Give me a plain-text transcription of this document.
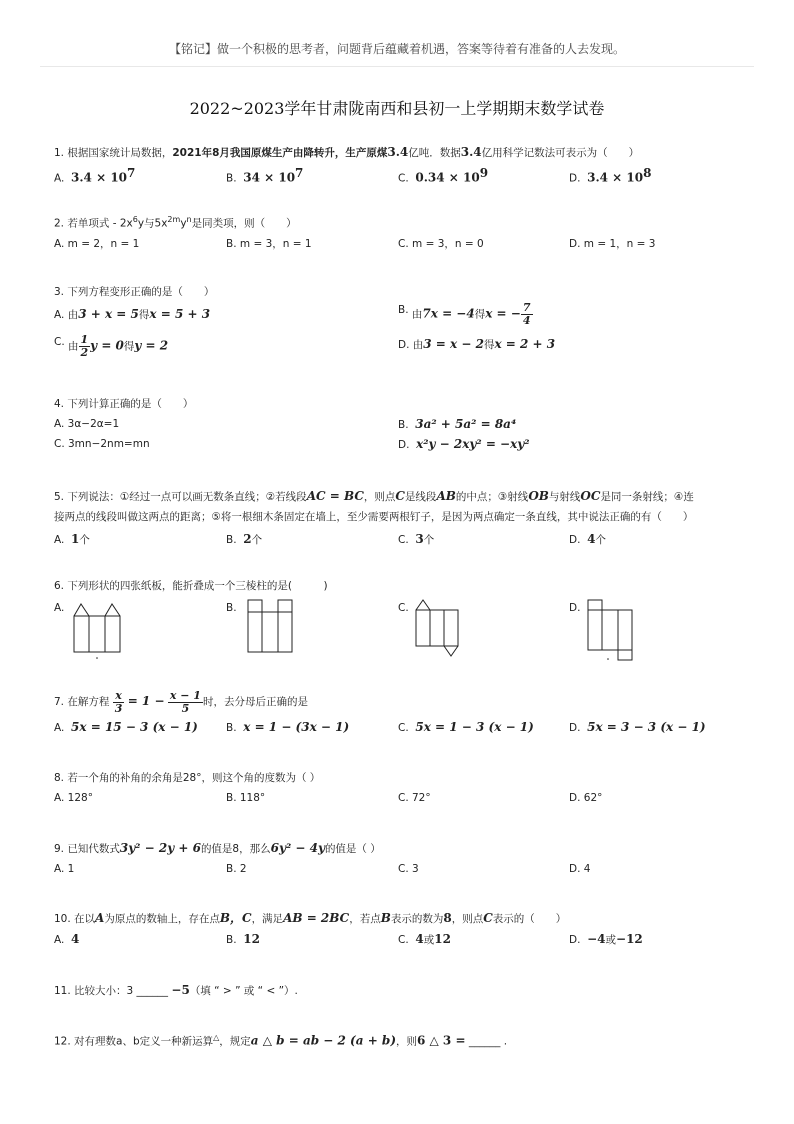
【铭记】做一个积极的思考者，问题背后蕴藏着机遇，答案等待着有准备的人去发现。
2022~2023学年甘肃陇南西和县初一上学期期末数学试卷
1. 根据国家统计局数据，2021年8月我国原煤生产由降转升，生产原煤3.4亿吨．数据3.4亿用科学记数法可表示为（　　）
A. $3.4 \times 10^7$	B. $34 \times 10^7$	C. $0.34 \times 10^9$	D. $3.4 \times 10^8$
2. 若单项式 - $2x^6y$与$5x^{2m}y^n$是同类项，则（　　）
A. m = 2，n = 1	B. m = 3，n = 1	C. m = 3，n = 0	D. m = 1，n = 3
3. 下列方程变形正确的是（　　）
A. 由3 + x = 5得x = 5 + 3	B. 由7x = −4得x = − $\frac{7}{4}$
C. 由 $\frac{1}{2}$ y = 0得y = 2	D. 由3 = x − 2得x = 2 + 3
4. 下列计算正确的是（　　）
A. 3α−2α=1	B. 3a² + 5a² = 8a⁴
C. 3mn−2nm=mn	D. x²y − 2xy² = −xy²
5. 下列说法：①经过一点可以画无数条直线；②若线段AC = BC，则点C是线段AB的中点；③射线OB与射线OC是同一条射线；④连
接两点的线段叫做这两点的距离；⑤将一根细木条固定在墙上，至少需要两根钉子，是因为两点确定一条直线，其中说法正确的有（　　）
A. 1个	B. 2个	C. 3个	D. 4个
6. 下列形状的四张纸板，能折叠成一个三棱柱的是(　　　)
A.	B.	C.	D.
7. 在解方程 $\frac{x}{3} = 1 - \frac{x - 1}{5}$ 时，去分母后正确的是
A. 5x = 15 − 3 (x − 1)	B. x = 1 − (3x − 1)	C. 5x = 1 − 3 (x − 1)	D. 5x = 3 − 3 (x − 1)
8. 若一个角的补角的余角是28°，则这个角的度数为（ ）
A. 128°	B. 118°	C. 72°	D. 62°
9. 已知代数式3y² − 2y + 6的值是8，那么6y² − 4y的值是（ ）
A. 1	B. 2	C. 3	D. 4
10. 在以A为原点的数轴上，存在点B，C，满足AB = 2BC，若点B表示的数为8，则点C表示的（　　）
A. 4	B. 12	C. 4或12	D. −4或−12
11. 比较大小：3 ______ −5（填 “ > ” 或 “ < ”）.
12. 对有理数a、b定义一种新运算△，规定a △ b = ab − 2 (a + b)，则6 △ 3 = ______ .
